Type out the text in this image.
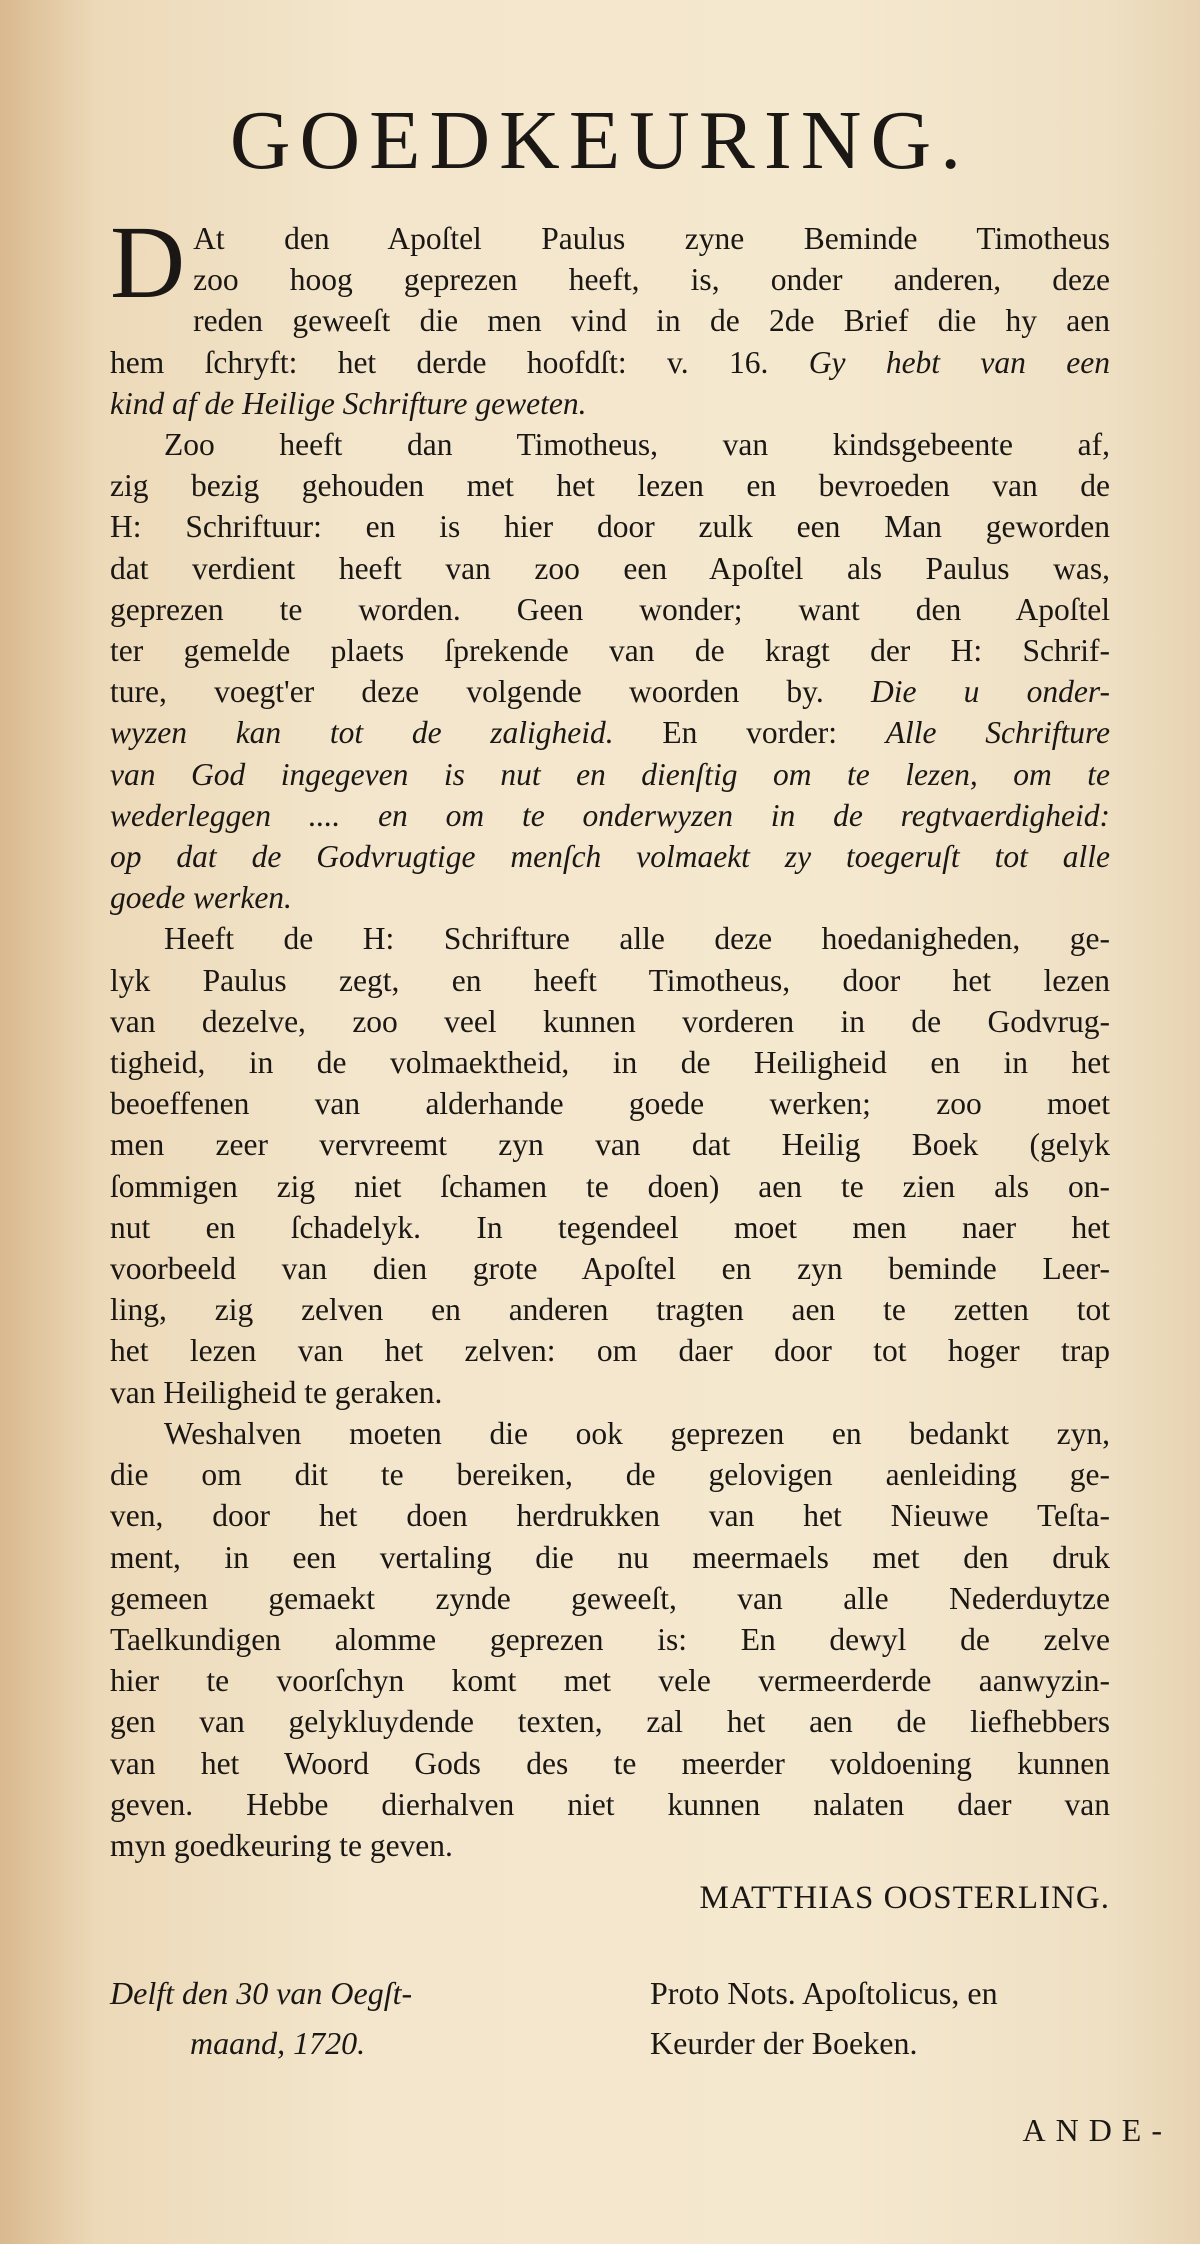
GOEDKEURING.
D At den Apoſtel Paulus zyne Beminde Timotheus
zoo hoog geprezen heeft, is, onder anderen, deze
reden geweeſt die men vind in de 2de Brief die hy aen
hem ſchryft: het derde hoofdſt: v. 16. Gy hebt van een
kind af de Heilige Schrifture geweten.
Zoo heeft dan Timotheus, van kindsgebeente af,
zig bezig gehouden met het lezen en bevroeden van de
H: Schriftuur: en is hier door zulk een Man geworden
dat verdient heeft van zoo een Apoſtel als Paulus was,
geprezen te worden. Geen wonder; want den Apoſtel
ter gemelde plaets ſprekende van de kragt der H: Schrif-
ture, voegt'er deze volgende woorden by. Die u onder-
wyzen kan tot de zaligheid. En vorder: Alle Schrifture
van God ingegeven is nut en dienſtig om te lezen, om te
wederleggen .... en om te onderwyzen in de regtvaerdigheid:
op dat de Godvrugtige menſch volmaekt zy toegeruſt tot alle
goede werken.
Heeft de H: Schrifture alle deze hoedanigheden, ge-
lyk Paulus zegt, en heeft Timotheus, door het lezen
van dezelve, zoo veel kunnen vorderen in de Godvrug-
tigheid, in de volmaektheid, in de Heiligheid en in het
beoeffenen van alderhande goede werken; zoo moet
men zeer vervreemt zyn van dat Heilig Boek (gelyk
ſommigen zig niet ſchamen te doen) aen te zien als on-
nut en ſchadelyk. In tegendeel moet men naer het
voorbeeld van dien grote Apoſtel en zyn beminde Leer-
ling, zig zelven en anderen tragten aen te zetten tot
het lezen van het zelven: om daer door tot hoger trap
van Heiligheid te geraken.
Weshalven moeten die ook geprezen en bedankt zyn,
die om dit te bereiken, de gelovigen aenleiding ge-
ven, door het doen herdrukken van het Nieuwe Teſta-
ment, in een vertaling die nu meermaels met den druk
gemeen gemaekt zynde geweeſt, van alle Nederduytze
Taelkundigen alomme geprezen is: En dewyl de zelve
hier te voorſchyn komt met vele vermeerderde aanwyzin-
gen van gelykluydende texten, zal het aen de liefhebbers
van het Woord Gods des te meerder voldoening kunnen
geven. Hebbe dierhalven niet kunnen nalaten daer van
myn goedkeuring te geven.
MATTHIAS OOSTERLING.
Delft den 30 van Oegſt-
maand, 1720.
Proto Nots. Apoſtolicus, en
Keurder der Boeken.
ANDE-
